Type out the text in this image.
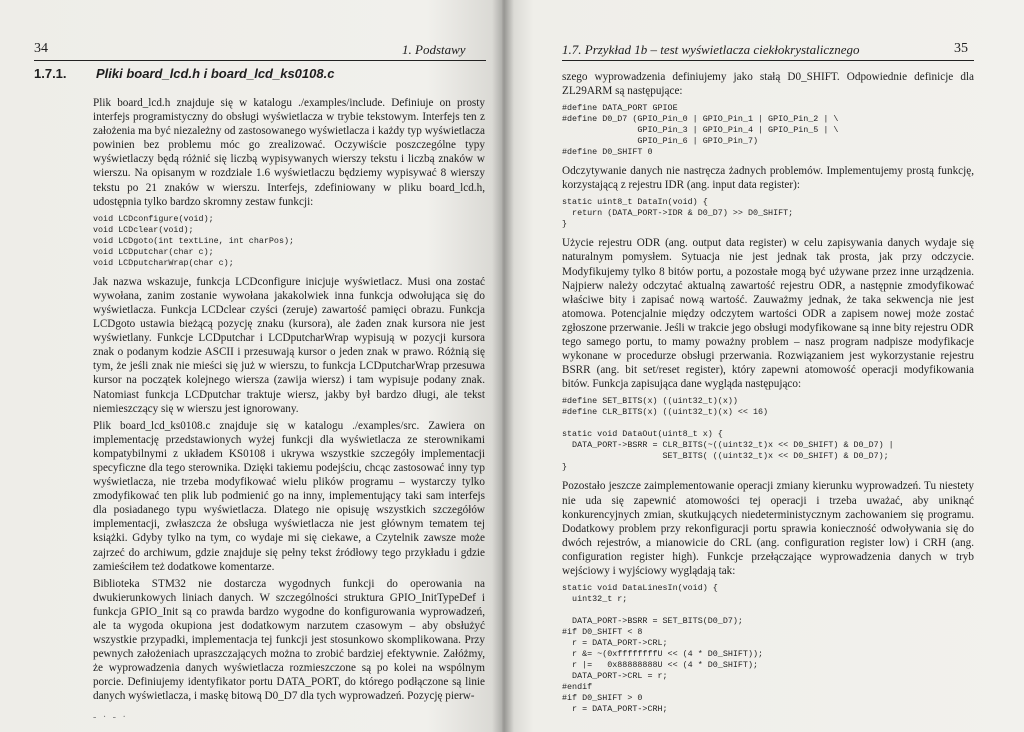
34	1. Podstawy
1.7.1. Pliki board_lcd.h i board_lcd_ks0108.c

Plik board_lcd.h znajduje się w katalogu ./examples/include. Definiuje on prosty interfejs programistyczny do obsługi wyświetlacza w trybie tekstowym. Interfejs ten z założenia ma być niezależny od zastosowanego wyświetlacza i każdy typ wyświetlacza powinien bez problemu móc go zrealizować. Oczywiście poszczególne typy wyświetlaczy będą różnić się liczbą wypisywanych wierszy tekstu i liczbą znaków w wierszu. Na opisanym w rozdziale 1.6 wyświetlaczu będziemy wypisywać 8 wierszy tekstu po 21 znaków w wierszu. Interfejs, zdefiniowany w pliku board_lcd.h, udostępnia tylko bardzo skromny zestaw funkcji:

void LCDconfigure(void);
void LCDclear(void);
void LCDgoto(int textLine, int charPos);
void LCDputchar(char c);
void LCDputcharWrap(char c);

Jak nazwa wskazuje, funkcja LCDconfigure inicjuje wyświetlacz. Musi ona zostać wywołana, zanim zostanie wywołana jakakolwiek inna funkcja odwołująca się do wyświetlacza. Funkcja LCDclear czyści (zeruje) zawartość pamięci obrazu. Funkcja LCDgoto ustawia bieżącą pozycję znaku (kursora), ale żaden znak kursora nie jest wyświetlany. Funkcje LCDputchar i LCDputcharWrap wypisują w pozycji kursora znak o podanym kodzie ASCII i przesuwają kursor o jeden znak w prawo. Różnią się tym, że jeśli znak nie mieści się już w wierszu, to funkcja LCDputcharWrap przesuwa kursor na początek kolejnego wiersza (zawija wiersz) i tam wypisuje podany znak. Natomiast funkcja LCDputchar traktuje wiersz, jakby był bardzo długi, ale tekst niemieszczący się w wierszu jest ignorowany.

Plik board_lcd_ks0108.c znajduje się w katalogu ./examples/src. Zawiera on implementację przedstawionych wyżej funkcji dla wyświetlacza ze sterownikami kompatybilnymi z układem KS0108 i ukrywa wszystkie szczegóły implementacji specyficzne dla tego sterownika. Dzięki takiemu podejściu, chcąc zastosować inny typ wyświetlacza, nie trzeba modyfikować wielu plików programu – wystarczy tylko zmodyfikować ten plik lub podmienić go na inny, implementujący taki sam interfejs dla posiadanego typu wyświetlacza. Dlatego nie opisuję wszystkich szczegółów implementacji, zwłaszcza że obsługa wyświetlacza nie jest głównym tematem tej książki. Gdyby tylko na tym, co wydaje mi się ciekawe, a Czytelnik zawsze może zajrzeć do archiwum, gdzie znajduje się pełny tekst źródłowy tego przykładu i gdzie zamieściłem też dodatkowe komentarze.

Biblioteka STM32 nie dostarcza wygodnych funkcji do operowania na dwukierunkowych liniach danych. W szczególności struktura GPIO_InitTypeDef i funkcja GPIO_Init są co prawda bardzo wygodne do konfigurowania wyprowadzeń, ale ta wygoda okupiona jest dodatkowym narzutem czasowym – aby obsłużyć wszystkie przypadki, implementacja tej funkcji jest stosunkowo skomplikowana. Przy pewnych założeniach upraszczających można to zrobić bardziej efektywnie. Załóżmy, że wyprowadzenia danych wyświetlacza rozmieszczone są po kolei na wspólnym porcie. Definiujemy identyfikator portu DATA_PORT, do którego podłączone są linie danych wyświetlacza, i maskę bitową D0_D7 dla tych wyprowadzeń. Pozycję pierw-

- · - ·
1.7. Przykład 1b – test wyświetlacza ciekłokrystalicznego	35

szego wyprowadzenia definiujemy jako stałą D0_SHIFT. Odpowiednie definicje dla ZL29ARM są następujące:

#define DATA_PORT GPIOE
#define D0_D7 (GPIO_Pin_0 | GPIO_Pin_1 | GPIO_Pin_2 | \
GPIO_Pin_3 | GPIO_Pin_4 | GPIO_Pin_5 | \
GPIO_Pin_6 | GPIO_Pin_7)
#define D0_SHIFT 0

Odczytywanie danych nie nastręcza żadnych problemów. Implementujemy prostą funkcję, korzystającą z rejestru IDR (ang. input data register):

static uint8_t DataIn(void) {
return (DATA_PORT->IDR & D0_D7) >> D0_SHIFT;
}

Użycie rejestru ODR (ang. output data register) w celu zapisywania danych wydaje się naturalnym pomysłem. Sytuacja nie jest jednak tak prosta, jak przy odczycie. Modyfikujemy tylko 8 bitów portu, a pozostałe mogą być używane przez inne urządzenia. Najpierw należy odczytać aktualną zawartość rejestru ODR, a następnie zmodyfikować właściwe bity i zapisać nową wartość. Zauważmy jednak, że taka sekwencja nie jest atomowa. Potencjalnie między odczytem wartości ODR a zapisem nowej może zostać zgłoszone przerwanie. Jeśli w trakcie jego obsługi modyfikowane są inne bity rejestru ODR tego samego portu, to mamy poważny problem – nasz program nadpisze modyfikacje wykonane w procedurze obsługi przerwania. Rozwiązaniem jest wykorzystanie rejestru BSRR (ang. bit set/reset register), który zapewni atomowość operacji modyfikowania bitów. Funkcja zapisująca dane wygląda następująco:

#define SET_BITS(x) ((uint32_t)(x))
#define CLR_BITS(x) ((uint32_t)(x) << 16)

static void DataOut(uint8_t x) {
DATA_PORT->BSRR = CLR_BITS(~((uint32_t)x << D0_SHIFT) & D0_D7) |
SET_BITS( ((uint32_t)x << D0_SHIFT) & D0_D7);
}

Pozostało jeszcze zaimplementowanie operacji zmiany kierunku wyprowadzeń. Tu niestety nie uda się zapewnić atomowości tej operacji i trzeba uważać, aby uniknąć konkurencyjnych zmian, skutkujących niedeterministycznym zachowaniem się programu. Dodatkowy problem przy rekonfiguracji portu sprawia konieczność odwoływania się do dwóch rejestrów, a mianowicie do CRL (ang. configuration register low) i CRH (ang. configuration register high). Funkcje przełączające wyprowadzenia danych w tryb wejściowy i wyjściowy wyglądają tak:

static void DataLinesIn(void) {
uint32_t r;

DATA_PORT->BSRR = SET_BITS(D0_D7);
#if D0_SHIFT < 8
r = DATA_PORT->CRL;
r &= ~(0xffffffffU << (4 * D0_SHIFT));
r |=   0x88888888U << (4 * D0_SHIFT);
DATA_PORT->CRL = r;
#endif
#if D0_SHIFT > 0
r = DATA_PORT->CRH;
